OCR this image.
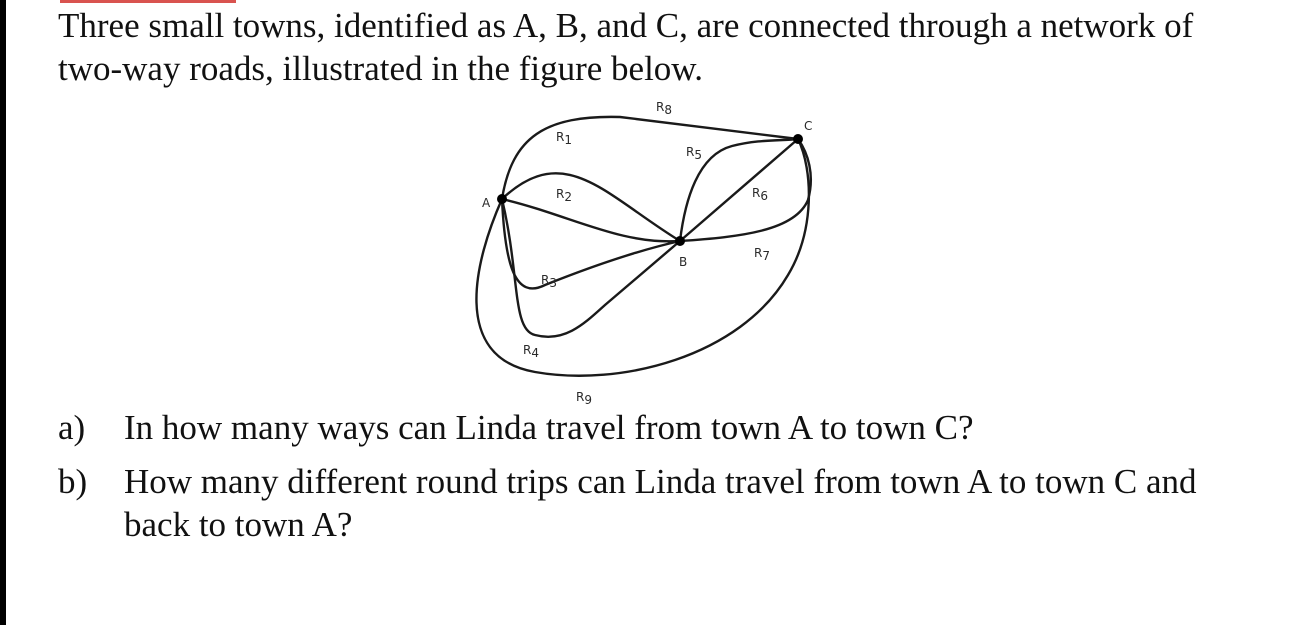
Three small towns, identified as A, B, and C, are connected through a network of two-way roads, illustrated in the figure below.
A
B
C
R1
R2
R3
R4
R5
R6
R7
R8
R9
a) In how many ways can Linda travel from town A to town C?
b) How many different round trips can Linda travel from town A to town C and back to town A?
